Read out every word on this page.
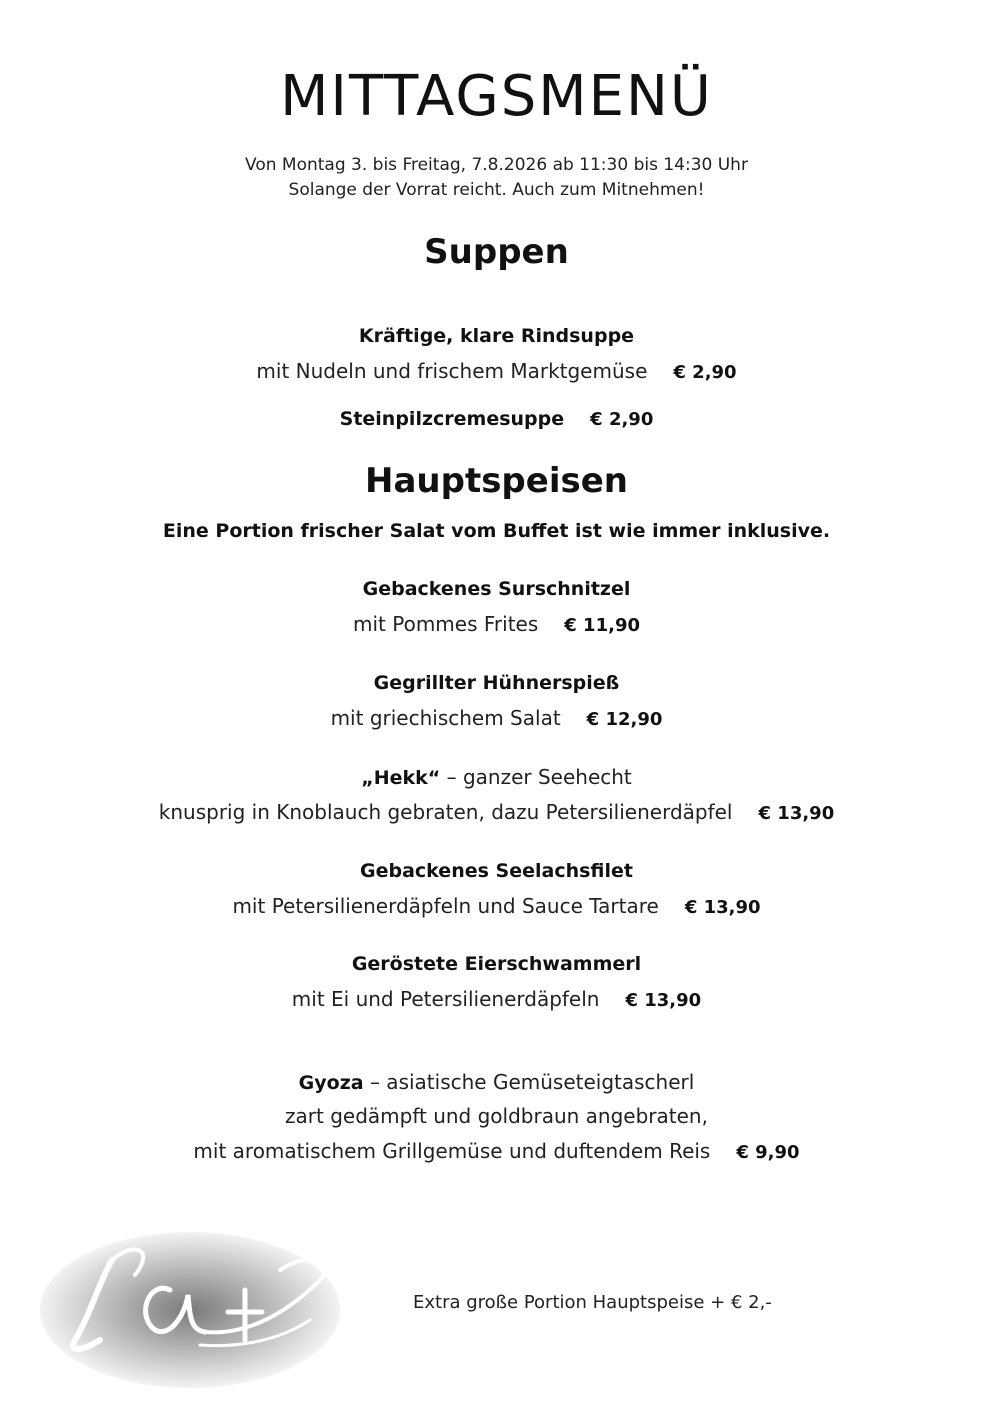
MITTAGSMENÜ
Von Montag 3. bis Freitag, 7.8.2026 ab 11:30 bis 14:30 Uhr
Solange der Vorrat reicht. Auch zum Mitnehmen!
Suppen
Kräftige, klare Rindsuppe
mit Nudeln und frischem Marktgemüse € 2,90
Steinpilzcremesuppe € 2,90
Hauptspeisen
Eine Portion frischer Salat vom Buffet ist wie immer inklusive.
Gebackenes Surschnitzel
mit Pommes Frites € 11,90
Gegrillter Hühnerspieß
mit griechischem Salat € 12,90
„Hekk“ – ganzer Seehecht
knusprig in Knoblauch gebraten, dazu Petersilienerdäpfel € 13,90
Gebackenes Seelachsfilet
mit Petersilienerdäpfeln und Sauce Tartare € 13,90
Geröstete Eierschwammerl
mit Ei und Petersilienerdäpfeln € 13,90
Gyoza – asiatische Gemüseteigtascherl
zart gedämpft und goldbraun angebraten,
mit aromatischem Grillgemüse und duftendem Reis € 9,90
Extra große Portion Hauptspeise + € 2,-
